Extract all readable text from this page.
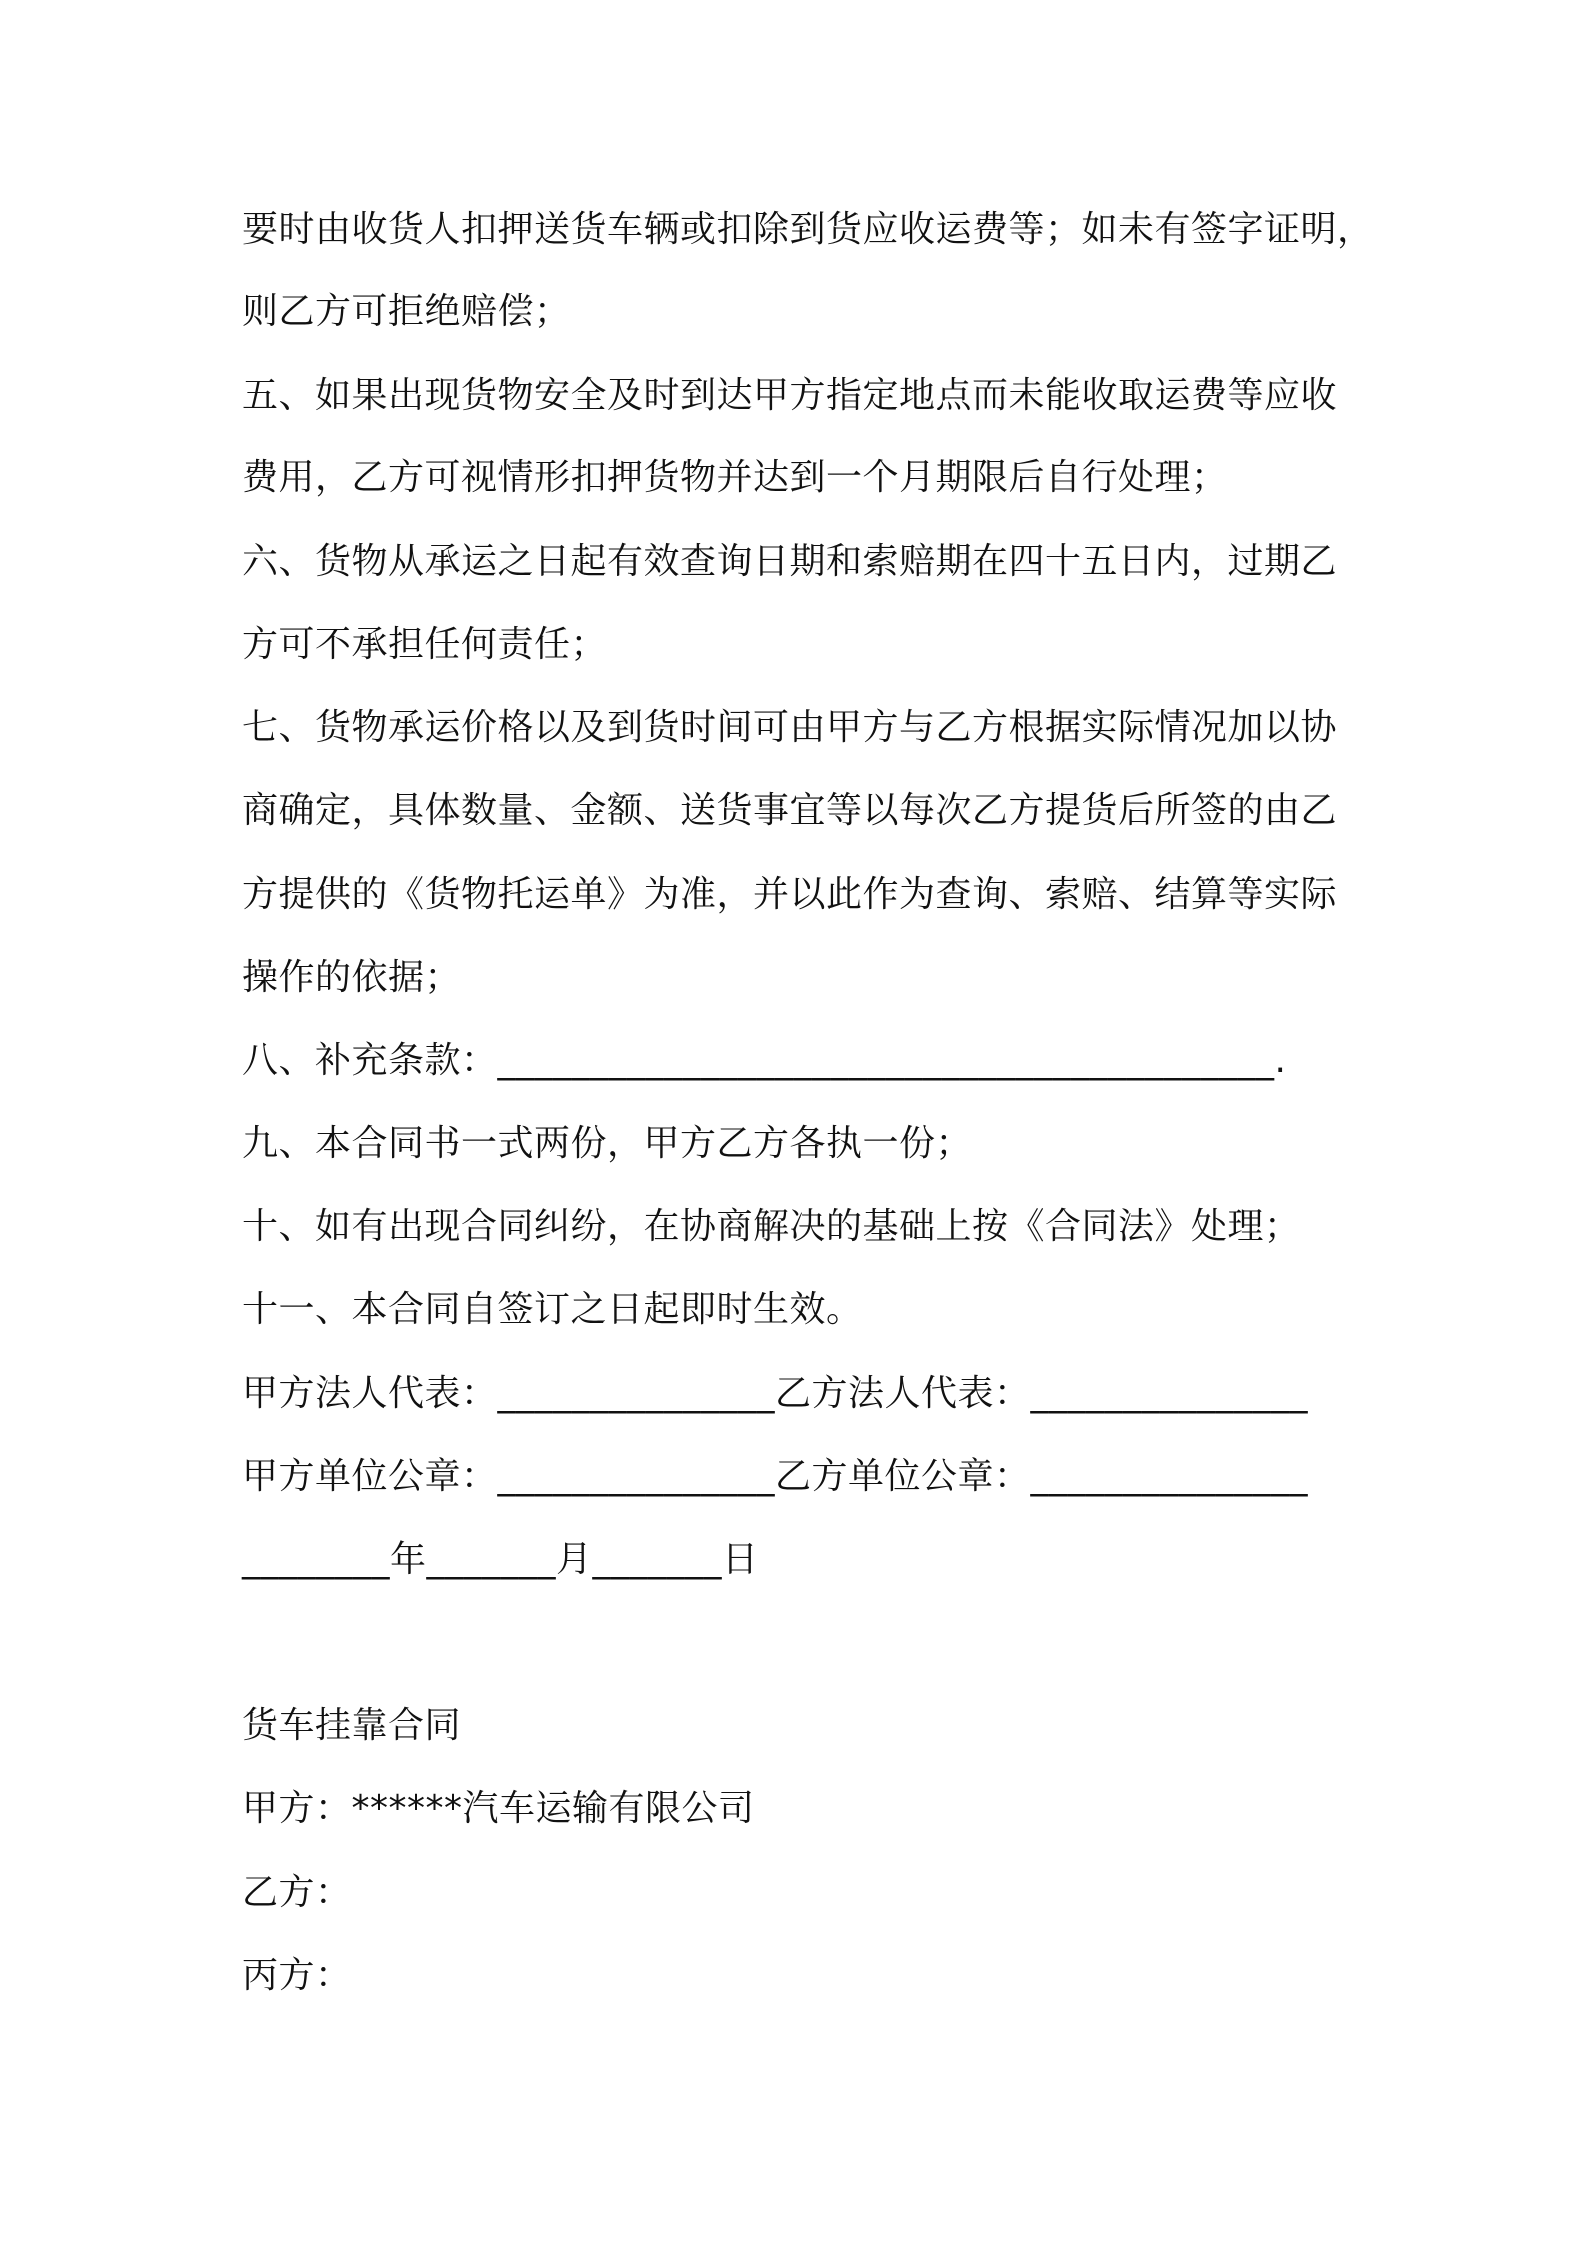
要时由收货人扣押送货车辆或扣除到货应收运费等；如未有签字证明，
则乙方可拒绝赔偿；
五、如果出现货物安全及时到达甲方指定地点而未能收取运费等应收
费用，乙方可视情形扣押货物并达到一个月期限后自行处理；
六、货物从承运之日起有效查询日期和索赔期在四十五日内，过期乙
方可不承担任何责任；
七、货物承运价格以及到货时间可由甲方与乙方根据实际情况加以协
商确定，具体数量、金额、送货事宜等以每次乙方提货后所签的由乙
方提供的《货物托运单》为准，并以此作为查询、索赔、结算等实际
操作的依据；
八、补充条款：__________________________________________.
九、本合同书一式两份，甲方乙方各执一份；
十、如有出现合同纠纷，在协商解决的基础上按《合同法》处理；
十一、本合同自签订之日起即时生效。
甲方法人代表：_______________乙方法人代表：_______________
甲方单位公章：_______________乙方单位公章：_______________
________年_______月_______日
货车挂靠合同
甲方：******汽车运输有限公司
乙方：
丙方：
